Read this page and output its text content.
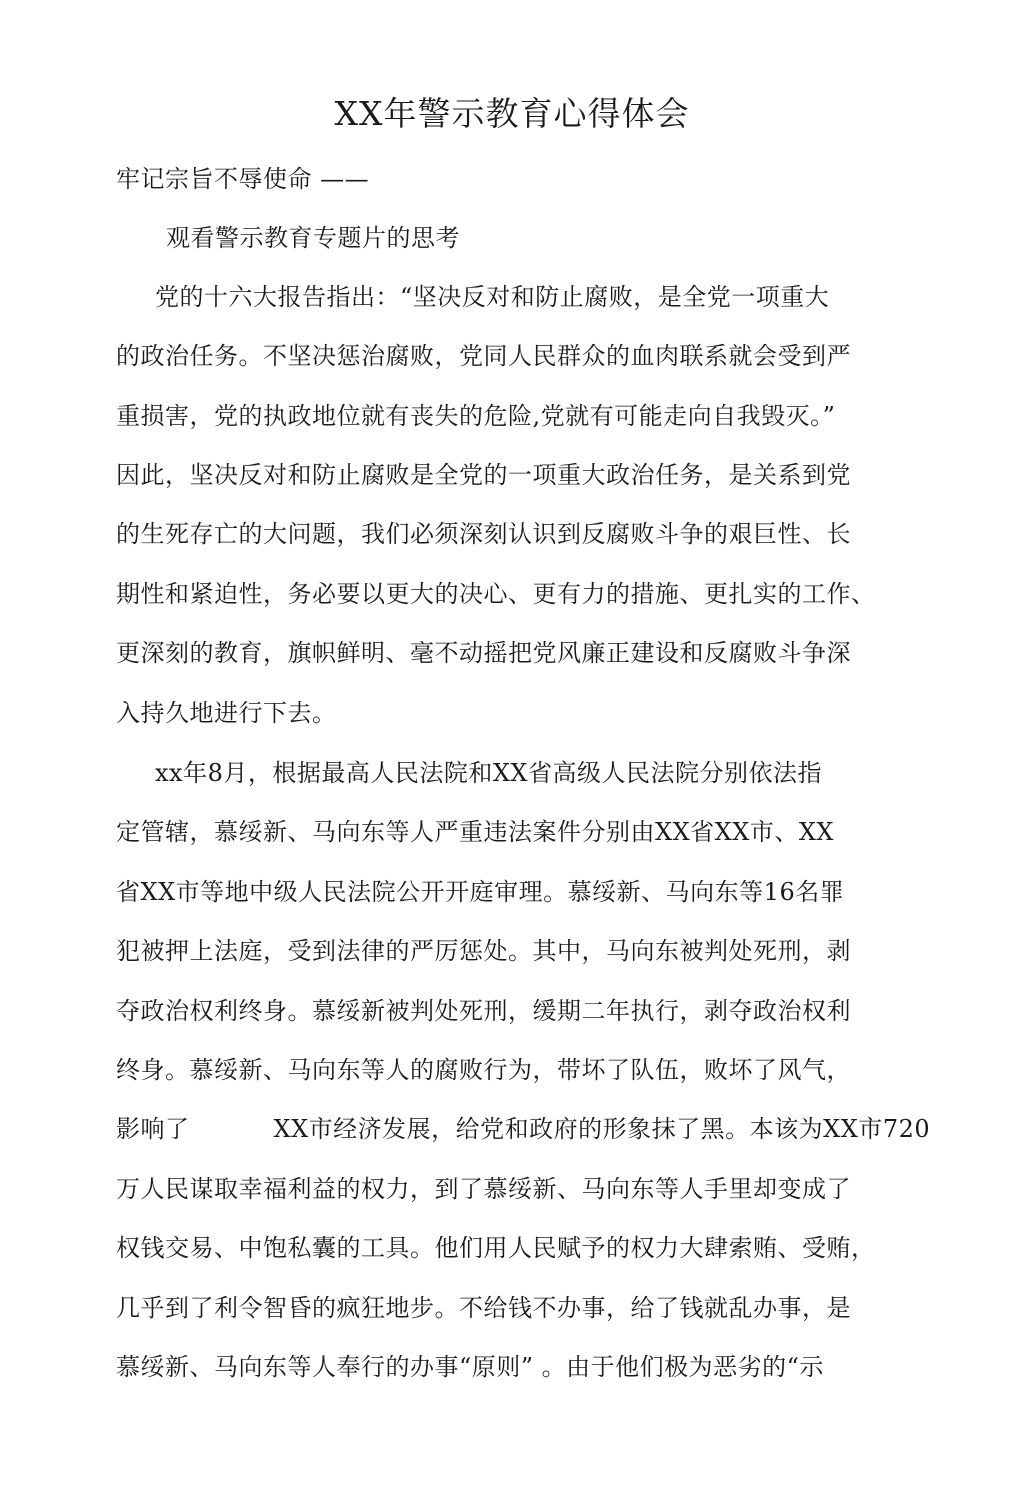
XX年警示教育心得体会
牢记宗旨不辱使命 ——
观看警示教育专题片的思考
党的十六大报告指出：“坚决反对和防止腐败，是全党一项重大
的政治任务。不坚决惩治腐败，党同人民群众的血肉联系就会受到严
重损害，党的执政地位就有丧失的危险,党就有可能走向自我毁灭。”
因此，坚决反对和防止腐败是全党的一项重大政治任务，是关系到党
的生死存亡的大问题，我们必须深刻认识到反腐败斗争的艰巨性、长
期性和紧迫性，务必要以更大的决心、更有力的措施、更扎实的工作、
更深刻的教育，旗帜鲜明、毫不动摇把党风廉正建设和反腐败斗争深
入持久地进行下去。
xx年8月，根据最高人民法院和XX省高级人民法院分别依法指
定管辖，慕绥新、马向东等人严重违法案件分别由XX省XX市、XX
省XX市等地中级人民法院公开开庭审理。慕绥新、马向东等16名罪
犯被押上法庭，受到法律的严厉惩处。其中，马向东被判处死刑，剥
夺政治权利终身。慕绥新被判处死刑，缓期二年执行，剥夺政治权利
终身。慕绥新、马向东等人的腐败行为，带坏了队伍，败坏了风气，
影响了	XX市经济发展，给党和政府的形象抹了黑。本该为XX市720
万人民谋取幸福利益的权力，到了慕绥新、马向东等人手里却变成了
权钱交易、中饱私囊的工具。他们用人民赋予的权力大肆索贿、受贿，
几乎到了利令智昏的疯狂地步。不给钱不办事，给了钱就乱办事，是
慕绥新、马向东等人奉行的办事“原则” 。由于他们极为恶劣的“示
